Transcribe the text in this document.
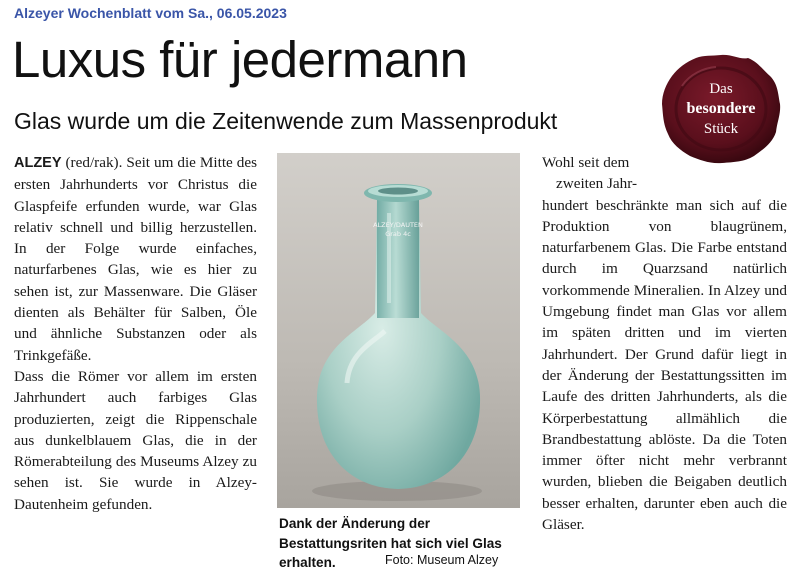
Alzeyer Wochenblatt vom Sa., 06.05.2023
Luxus für jedermann
Glas wurde um die Zeitenwende zum Massenprodukt
Das
besondere
Stück

ALZEY (red/rak). Seit um die Mitte des ersten Jahrhunderts vor Christus die Glaspfeife erfunden wurde, war Glas relativ schnell und billig herzustellen. In der Folge wurde einfaches, naturfarbenes Glas, wie es hier zu sehen ist, zur Massenware. Die Gläser dienten als Behälter für Salben, Öle und ähnliche Substanzen oder als Trinkgefäße.

Dass die Römer vor allem im ersten Jahrhundert auch farbiges Glas produzierten, zeigt die Rippenschale aus dunkelblauem Glas, die in der Römerabteilung des Museums Alzey zu sehen ist. Sie wurde in Alzey-Dautenheim gefunden.

ALZEY/DAUTEN
Grab 4c
Dank der Änderung der Bestattungsriten hat sich viel Glas erhalten.	Foto: Museum Alzey

Wohl seit dem

zweiten Jahr-

hundert beschränkte man sich auf die Produktion von blaugrünem, naturfarbenem Glas. Die Farbe entstand durch im Quarzsand natürlich vorkommende Mineralien. In Alzey und Umgebung findet man Glas vor allem im späten dritten und im vierten Jahrhundert. Der Grund dafür liegt in der Änderung der Bestattungssitten im Laufe des dritten Jahrhunderts, als die Körperbestattung allmählich die Brandbestattung ablöste. Da die Toten immer öfter nicht mehr verbrannt wurden, blieben die Beigaben deutlich besser erhalten, darunter eben auch die Gläser.
